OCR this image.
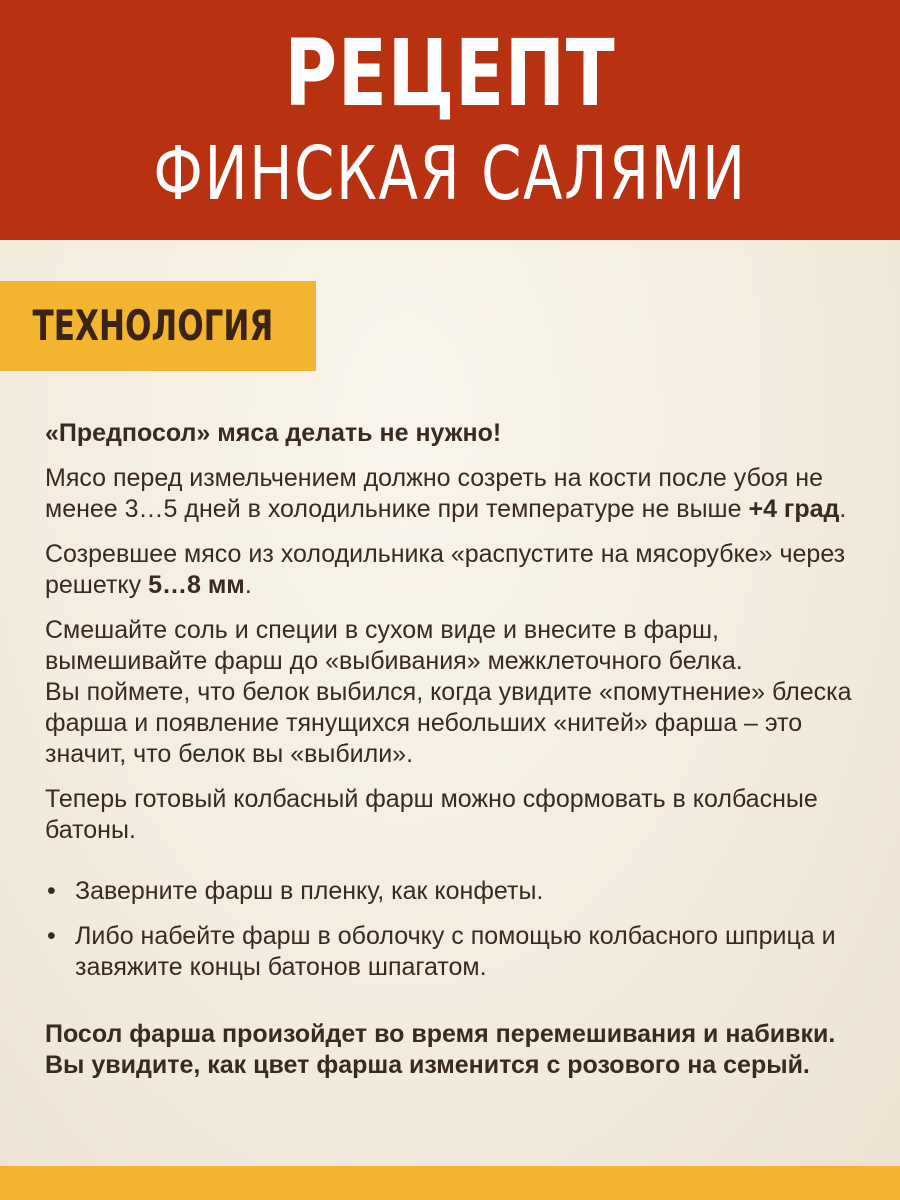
РЕЦЕПТ
ФИНСКАЯ САЛЯМИ
ТЕХНОЛОГИЯ

«Предпосол» мяса делать не нужно!

Мясо перед измельчением должно созреть на кости после убоя не менее 3…5 дней в холодильнике при температуре не выше +4 град.

Созревшее мясо из холодильника «распустите на мясорубке» через решетку 5…8 мм.

Смешайте соль и специи в сухом виде и внесите в фарш, вымешивайте фарш до «выбивания» межклеточного белка.
Вы поймете, что белок выбился, когда увидите «помутнение» блеска фарша и появление тянущихся небольших «нитей» фарша – это значит, что белок вы «выбили».

Теперь готовый колбасный фарш можно сформовать в колбасные батоны.

• Заверните фарш в пленку, как конфеты.
• Либо набейте фарш в оболочку с помощью колбасного шприца и завяжите концы батонов шпагатом.

Посол фарша произойдет во время перемешивания и набивки.
Вы увидите, как цвет фарша изменится с розового на серый.
